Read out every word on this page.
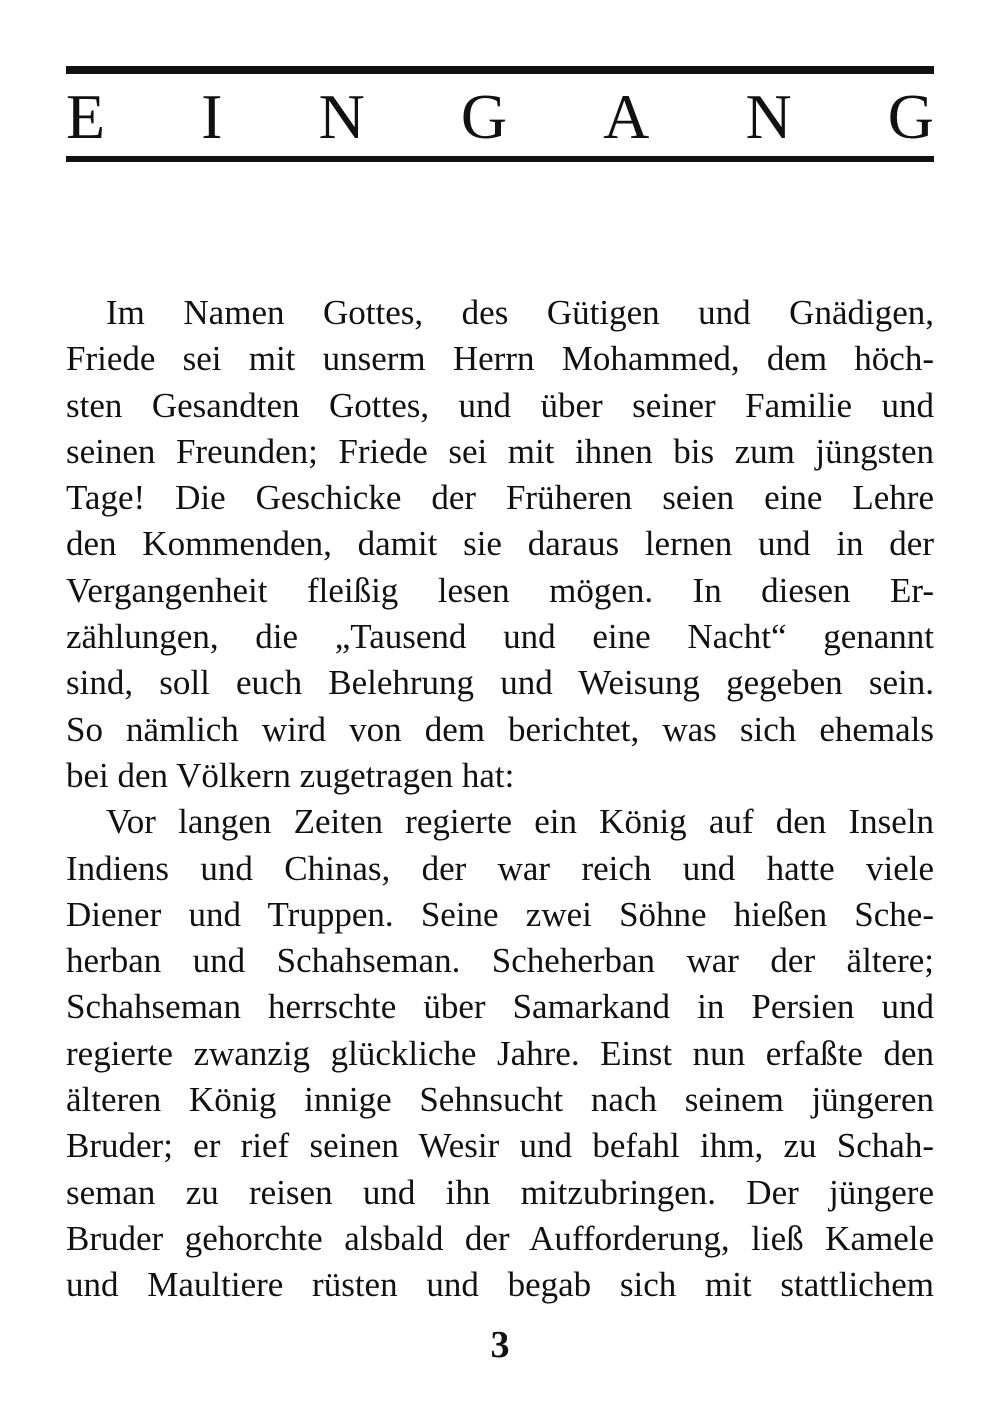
E I N G A N G
Im Namen Gottes, des Gütigen und Gnädigen,
Friede sei mit unserm Herrn Mohammed, dem höch-
sten Gesandten Gottes, und über seiner Familie und
seinen Freunden; Friede sei mit ihnen bis zum jüngsten
Tage! Die Geschicke der Früheren seien eine Lehre
den Kommenden, damit sie daraus lernen und in der
Vergangenheit fleißig lesen mögen. In diesen Er-
zählungen, die „Tausend und eine Nacht“ genannt
sind, soll euch Belehrung und Weisung gegeben sein.
So nämlich wird von dem berichtet, was sich ehemals
bei den Völkern zugetragen hat:
Vor langen Zeiten regierte ein König auf den Inseln
Indiens und Chinas, der war reich und hatte viele
Diener und Truppen. Seine zwei Söhne hießen Sche-
herban und Schahseman. Scheherban war der ältere;
Schahseman herrschte über Samarkand in Persien und
regierte zwanzig glückliche Jahre. Einst nun erfaßte den
älteren König innige Sehnsucht nach seinem jüngeren
Bruder; er rief seinen Wesir und befahl ihm, zu Schah-
seman zu reisen und ihn mitzubringen. Der jüngere
Bruder gehorchte alsbald der Aufforderung, ließ Kamele
und Maultiere rüsten und begab sich mit stattlichem
3
